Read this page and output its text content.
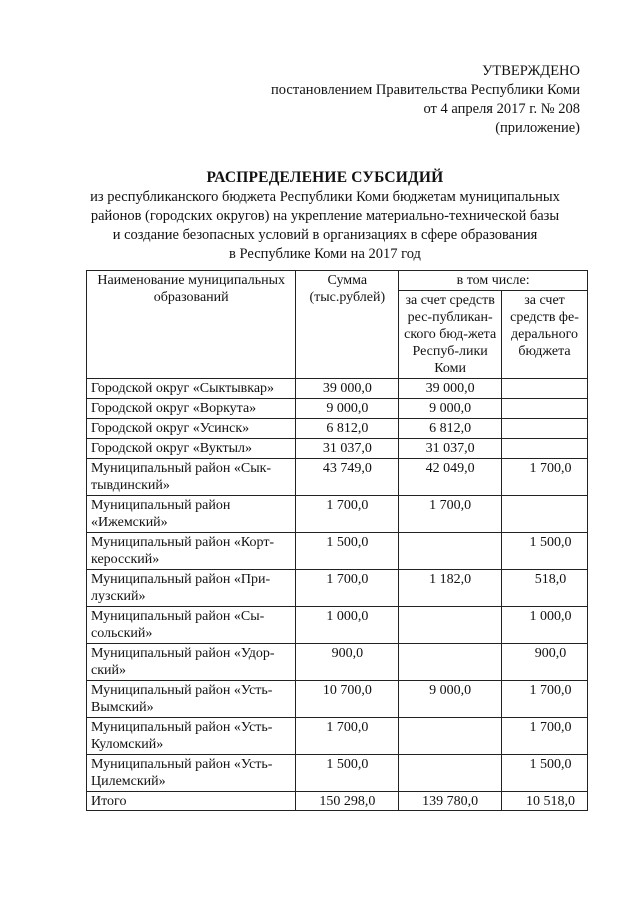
УТВЕРЖДЕНО
постановлением Правительства Республики Коми
от 4 апреля 2017 г. № 208
(приложение)
РАСПРЕДЕЛЕНИЕ СУБСИДИЙ
из республиканского бюджета Республики Коми бюджетам муниципальных
районов (городских округов) на укрепление материально-технической базы
и создание безопасных условий в организациях в сфере образования
в Республике Коми на 2017 год
Наименование муниципальных образований	Сумма (тыс.рублей)	в том числе:	
		за счет средств рес-публикан-ского бюд-жета Респуб-лики Коми	за счет средств фе-дерального бюджета
Городской округ «Сыктывкар»	39 000,0	39 000,0	
Городской округ «Воркута»	9 000,0	9 000,0	
Городской округ «Усинск»	6 812,0	6 812,0	
Городской округ «Вуктыл»	31 037,0	31 037,0	
Муниципальный район «Сык-тывдинский»	43 749,0	42 049,0	1 700,0
Муниципальный район «Ижемский»	1 700,0	1 700,0	
Муниципальный район «Корт-керосский»	1 500,0		1 500,0
Муниципальный район «При-лузский»	1 700,0	1 182,0	518,0
Муниципальный район «Сы-сольский»	1 000,0		1 000,0
Муниципальный район «Удор-ский»	900,0		900,0
Муниципальный район «Усть-Вымский»	10 700,0	9 000,0	1 700,0
Муниципальный район «Усть-Куломский»	1 700,0		1 700,0
Муниципальный район «Усть-Цилемский»	1 500,0		1 500,0
Итого	150 298,0	139 780,0	10 518,0
